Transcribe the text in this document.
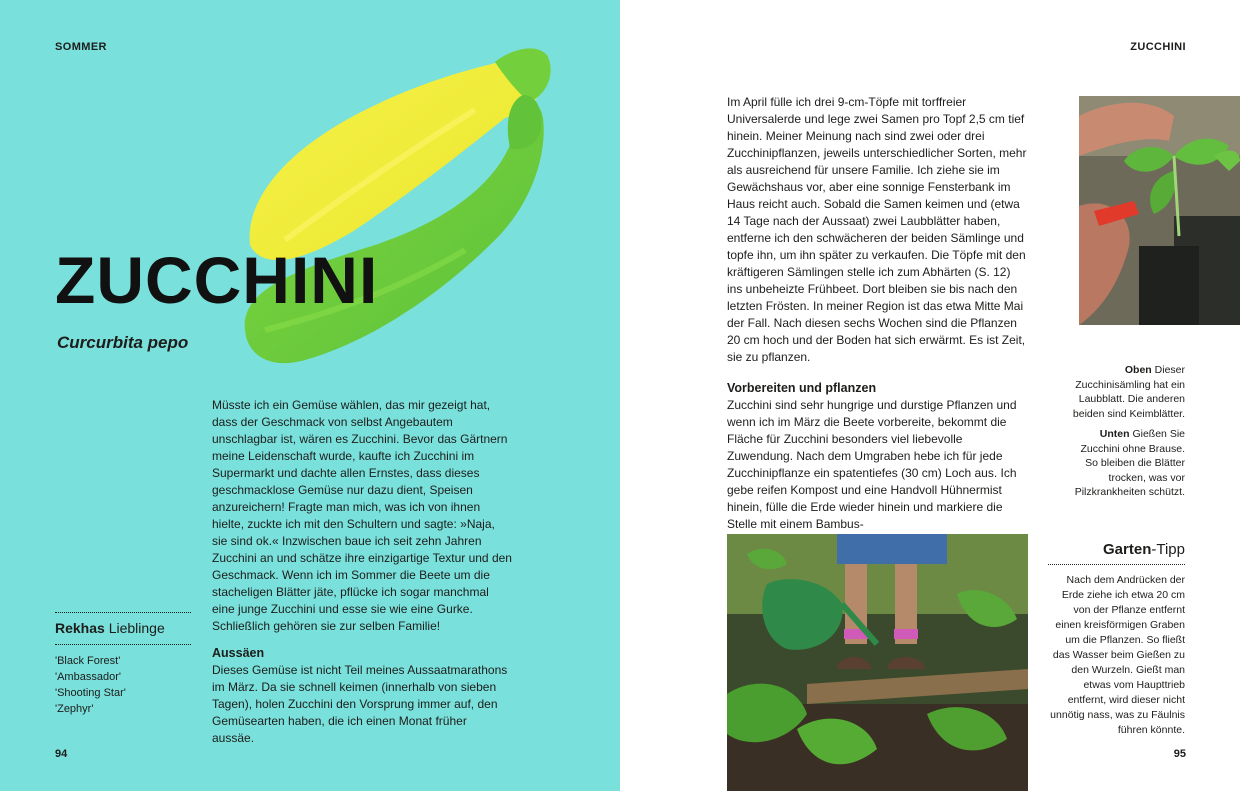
SOMMER
ZUCCHINI
Curcurbita pepo

Müsste ich ein Gemüse wählen, das mir gezeigt hat, dass der Geschmack von selbst Angebautem unschlagbar ist, wären es Zucchini. Bevor das Gärtnern meine Leidenschaft wurde, kaufte ich Zucchini im Supermarkt und dachte allen Ernstes, dass dieses geschmacklose Gemüse nur dazu dient, Speisen anzureichern! Fragte man mich, was ich von ihnen hielte, zuckte ich mit den Schultern und sagte: »Naja, sie sind ok.« Inzwischen baue ich seit zehn Jahren Zucchini an und schätze ihre einzigartige Textur und den Geschmack. Wenn ich im Sommer die Beete um die stacheligen Blätter jäte, pflücke ich sogar manchmal eine junge Zucchini und esse sie wie eine Gurke. Schließlich gehören sie zur selben Familie!

Aussäen

Dieses Gemüse ist nicht Teil meines Aussaatmarathons im März. Da sie schnell keimen (innerhalb von sieben Tagen), holen Zucchini den Vorsprung immer auf, den Gemüsearten haben, die ich einen Monat früher aussäe.

Rekhas Lieblinge
'Black Forest'
'Ambassador'
'Shooting Star'
'Zephyr'
94
ZUCCHINI

Im April fülle ich drei 9-cm-Töpfe mit torffreier Universalerde und lege zwei Samen pro Topf 2,5 cm tief hinein. Meiner Meinung nach sind zwei oder drei Zucchinipflanzen, jeweils unterschiedlicher Sorten, mehr als ausreichend für unsere Familie. Ich ziehe sie im Gewächshaus vor, aber eine sonnige Fensterbank im Haus reicht auch. Sobald die Samen keimen und (etwa 14 Tage nach der Aussaat) zwei Laubblätter haben, entferne ich den schwächeren der beiden Sämlinge und topfe ihn, um ihn später zu verkaufen. Die Töpfe mit den kräftigeren Sämlingen stelle ich zum Abhärten (S. 12) ins unbeheizte Frühbeet. Dort bleiben sie bis nach den letzten Frösten. In meiner Region ist das etwa Mitte Mai der Fall. Nach diesen sechs Wochen sind die Pflanzen 20 cm hoch und der Boden hat sich erwärmt. Es ist Zeit, sie zu pflanzen.

Vorbereiten und pflanzen

Zucchini sind sehr hungrige und durstige Pflanzen und wenn ich im März die Beete vorbereite, bekommt die Fläche für Zucchini besonders viel liebevolle Zuwendung. Nach dem Umgraben hebe ich für jede Zucchinipflanze ein spatentiefes (30 cm) Loch aus. Ich gebe reifen Kompost und eine Handvoll Hühnermist hinein, fülle die Erde wieder hinein und markiere die Stelle mit einem Bambus-

Oben Dieser Zucchinisämling hat ein Laubblatt. Die anderen beiden sind Keimblätter.

Unten Gießen Sie Zucchini ohne Brause. So bleiben die Blätter trocken, was vor Pilzkrankheiten schützt.

Garten-Tipp
Nach dem Andrücken der Erde ziehe ich etwa 20 cm von der Pflanze entfernt einen kreisförmigen Graben um die Pflanzen. So fließt das Wasser beim Gießen zu den Wurzeln. Gießt man etwas vom Haupttrieb entfernt, wird dieser nicht unnötig nass, was zu Fäulnis führen könnte.
95
